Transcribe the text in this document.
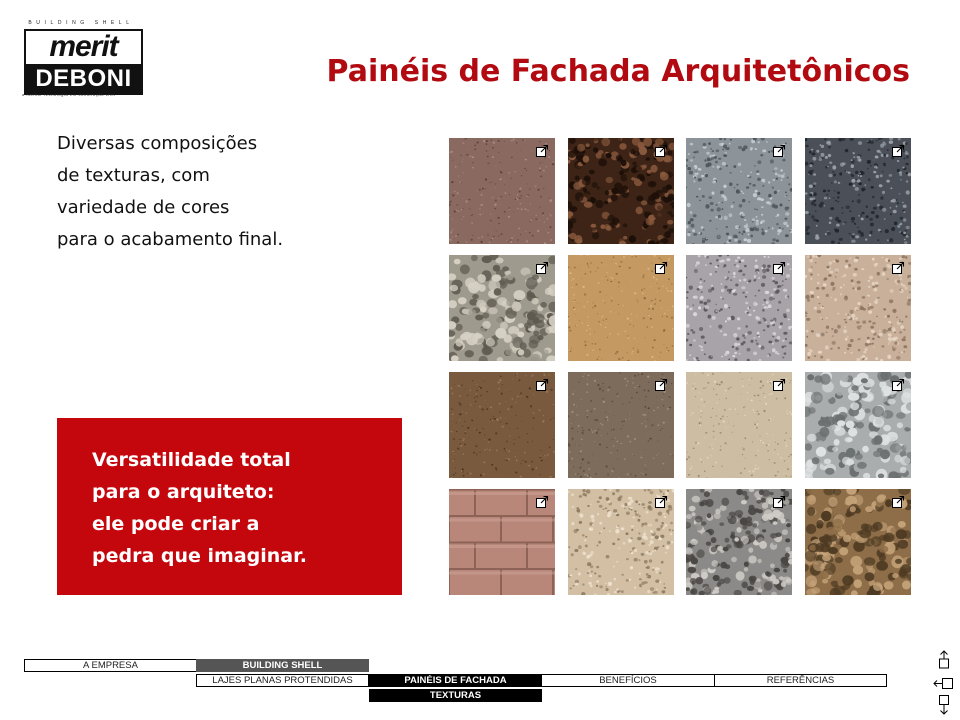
BUILDING SHELL
merit
DEBONI
a melhor tecnologia em construção civil
Painéis de Fachada Arquitetônicos
Diversas composições
de texturas, com
variedade de cores
para o acabamento final.
Versatilidade total
para o arquiteto:
ele pode criar a
pedra que imaginar.
A EMPRESA	BUILDING SHELL
LAJES PLANAS PROTENDIDAS	PAINÉIS DE FACHADA	BENEFÍCIOS	REFERÊNCIAS
TEXTURAS
